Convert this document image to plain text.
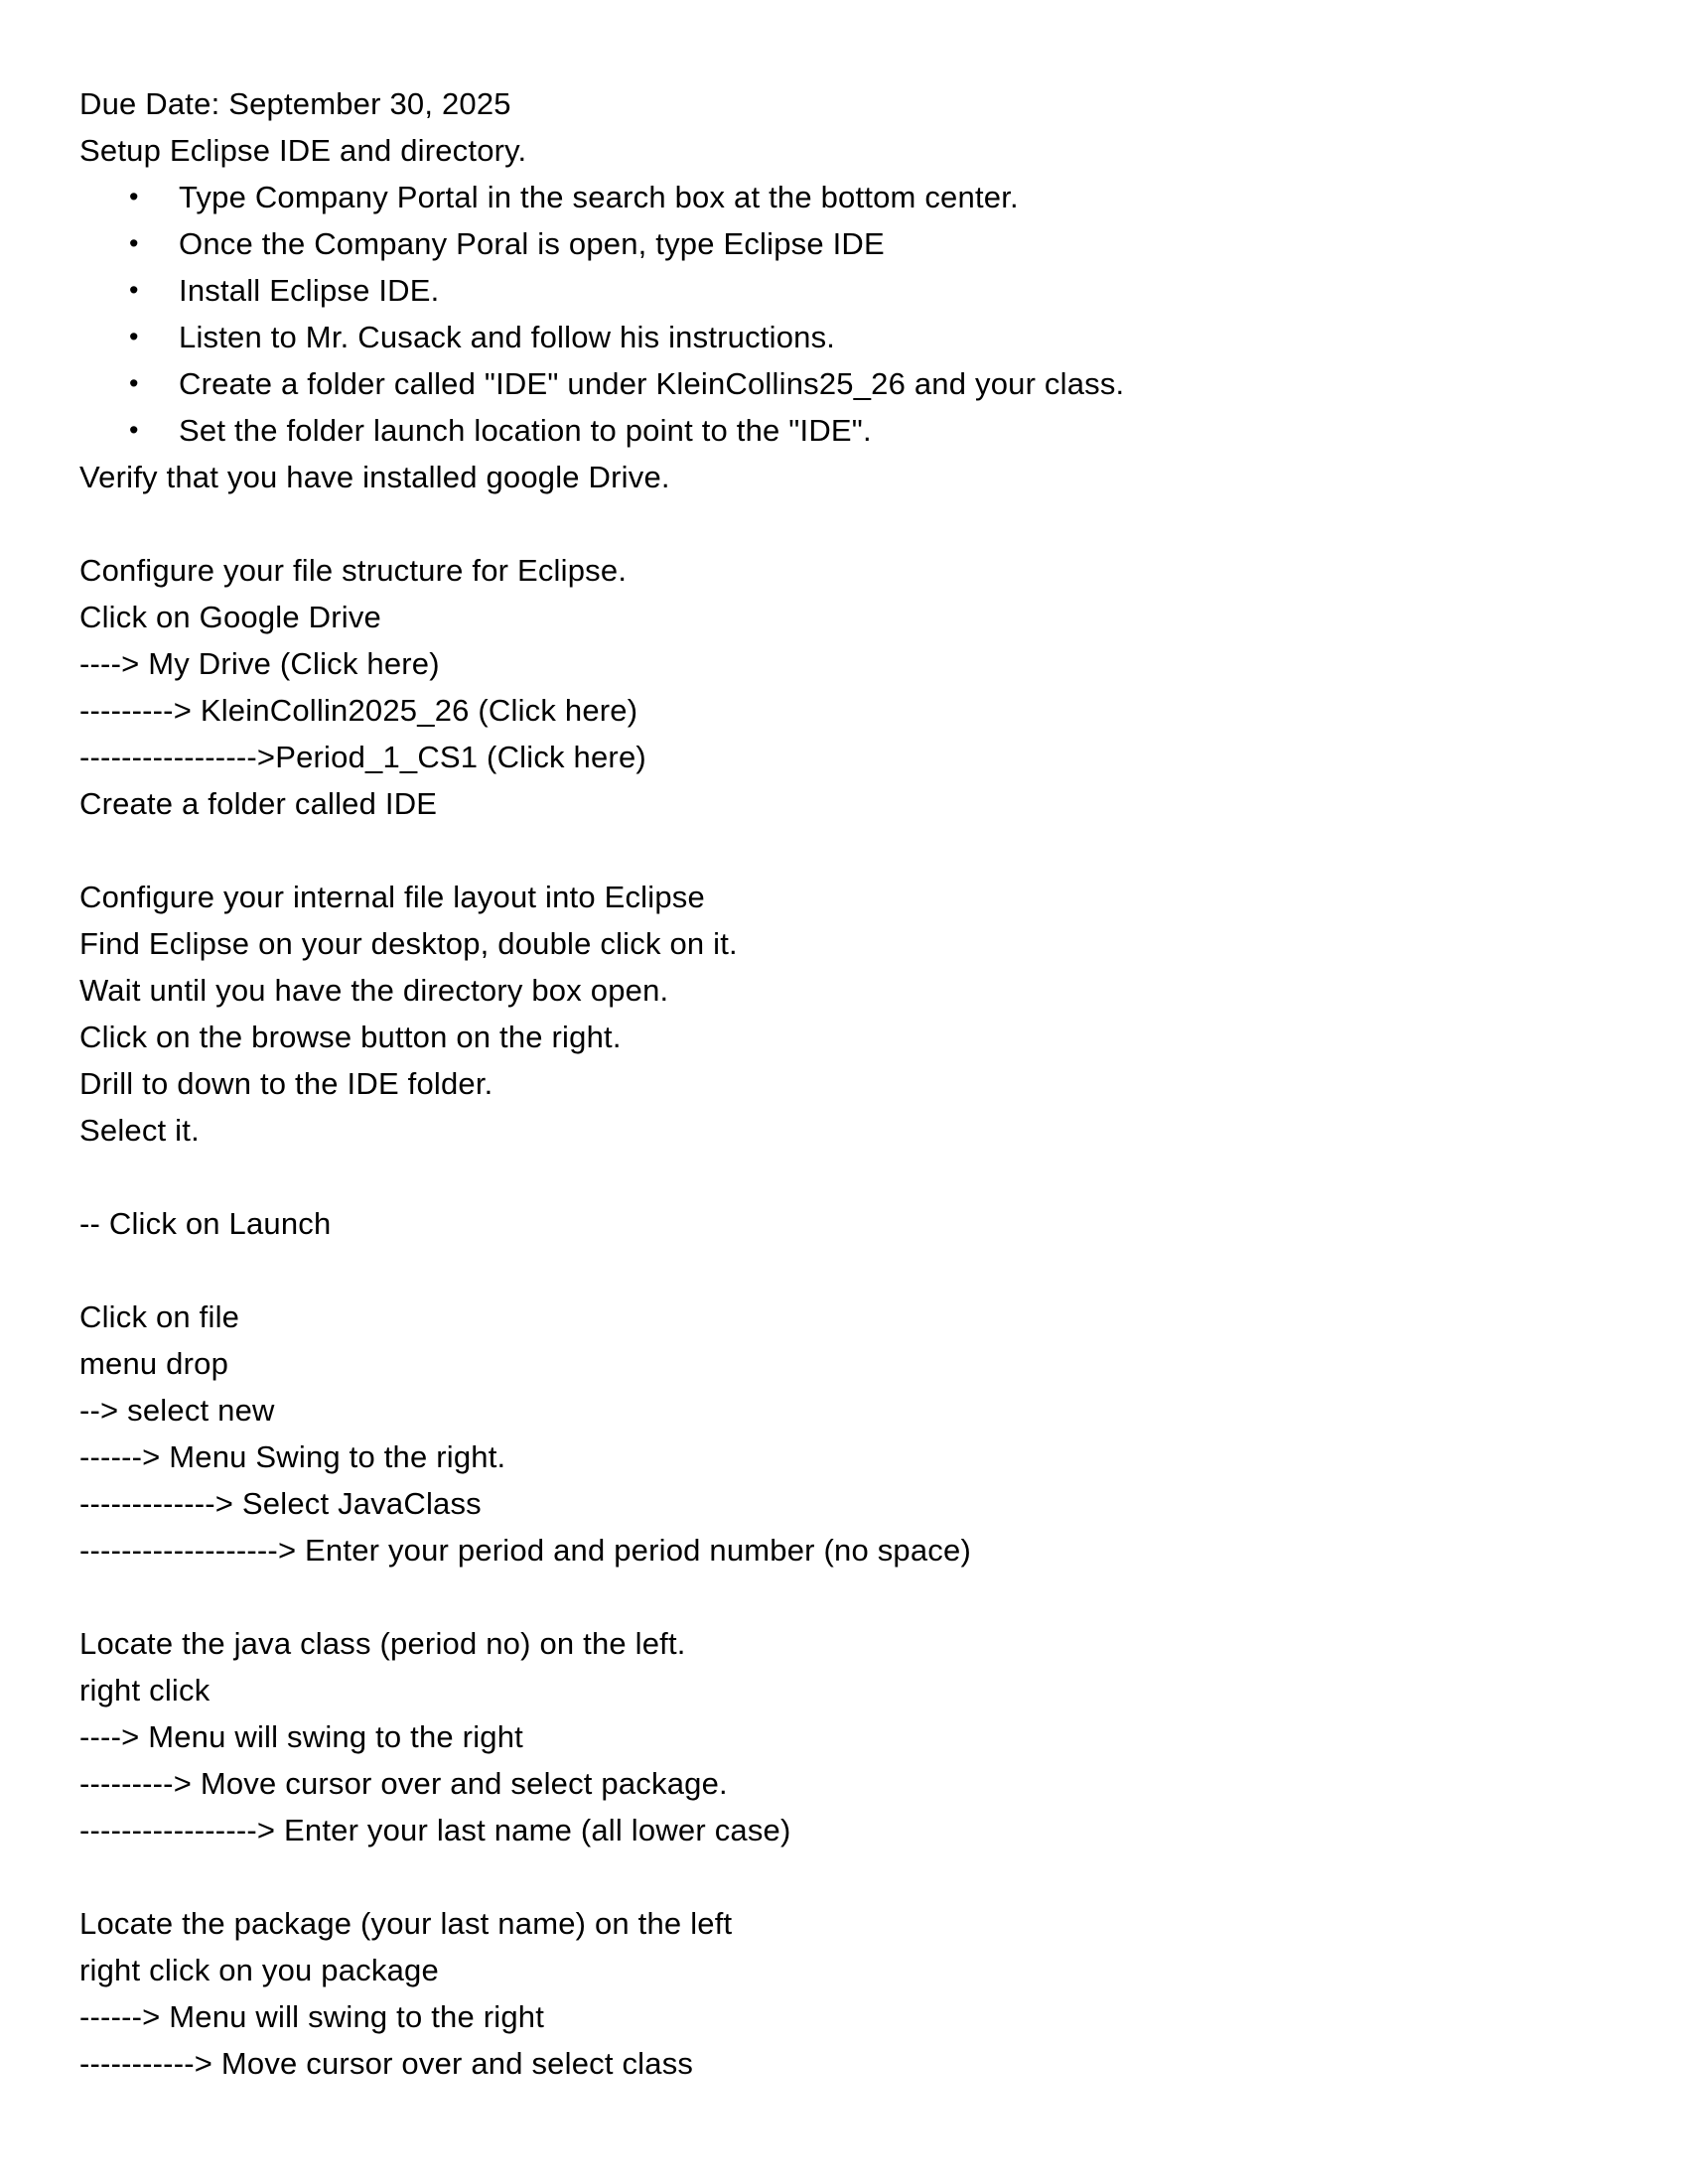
Due Date: September 30, 2025
Setup Eclipse IDE and directory.
• Type Company Portal in the search box at the bottom center.
• Once the Company Poral is open, type Eclipse IDE
• Install Eclipse IDE.
• Listen to Mr. Cusack and follow his instructions.
• Create a folder called "IDE" under KleinCollins25_26 and your class.
• Set the folder launch location to point to the "IDE".
Verify that you have installed google Drive.
Configure your file structure for Eclipse.
Click on Google Drive
----> My Drive (Click here)
---------> KleinCollin2025_26 (Click here)
----------------->Period_1_CS1 (Click here)
Create a folder called IDE
Configure your internal file layout into Eclipse
Find Eclipse on your desktop, double click on it.
Wait until you have the directory box open.
Click on the browse button on the right.
Drill to down to the IDE folder.
Select it.
-- Click on Launch
Click on file
menu drop
--> select new
------> Menu Swing to the right.
-------------> Select JavaClass
-------------------> Enter your period and period number (no space)
Locate the java class (period no) on the left.
right click
----> Menu will swing to the right
---------> Move cursor over and select package.
-----------------> Enter your last name (all lower case)
Locate the package (your last name) on the left
right click on you package
------> Menu will swing to the right
-----------> Move cursor over and select class
